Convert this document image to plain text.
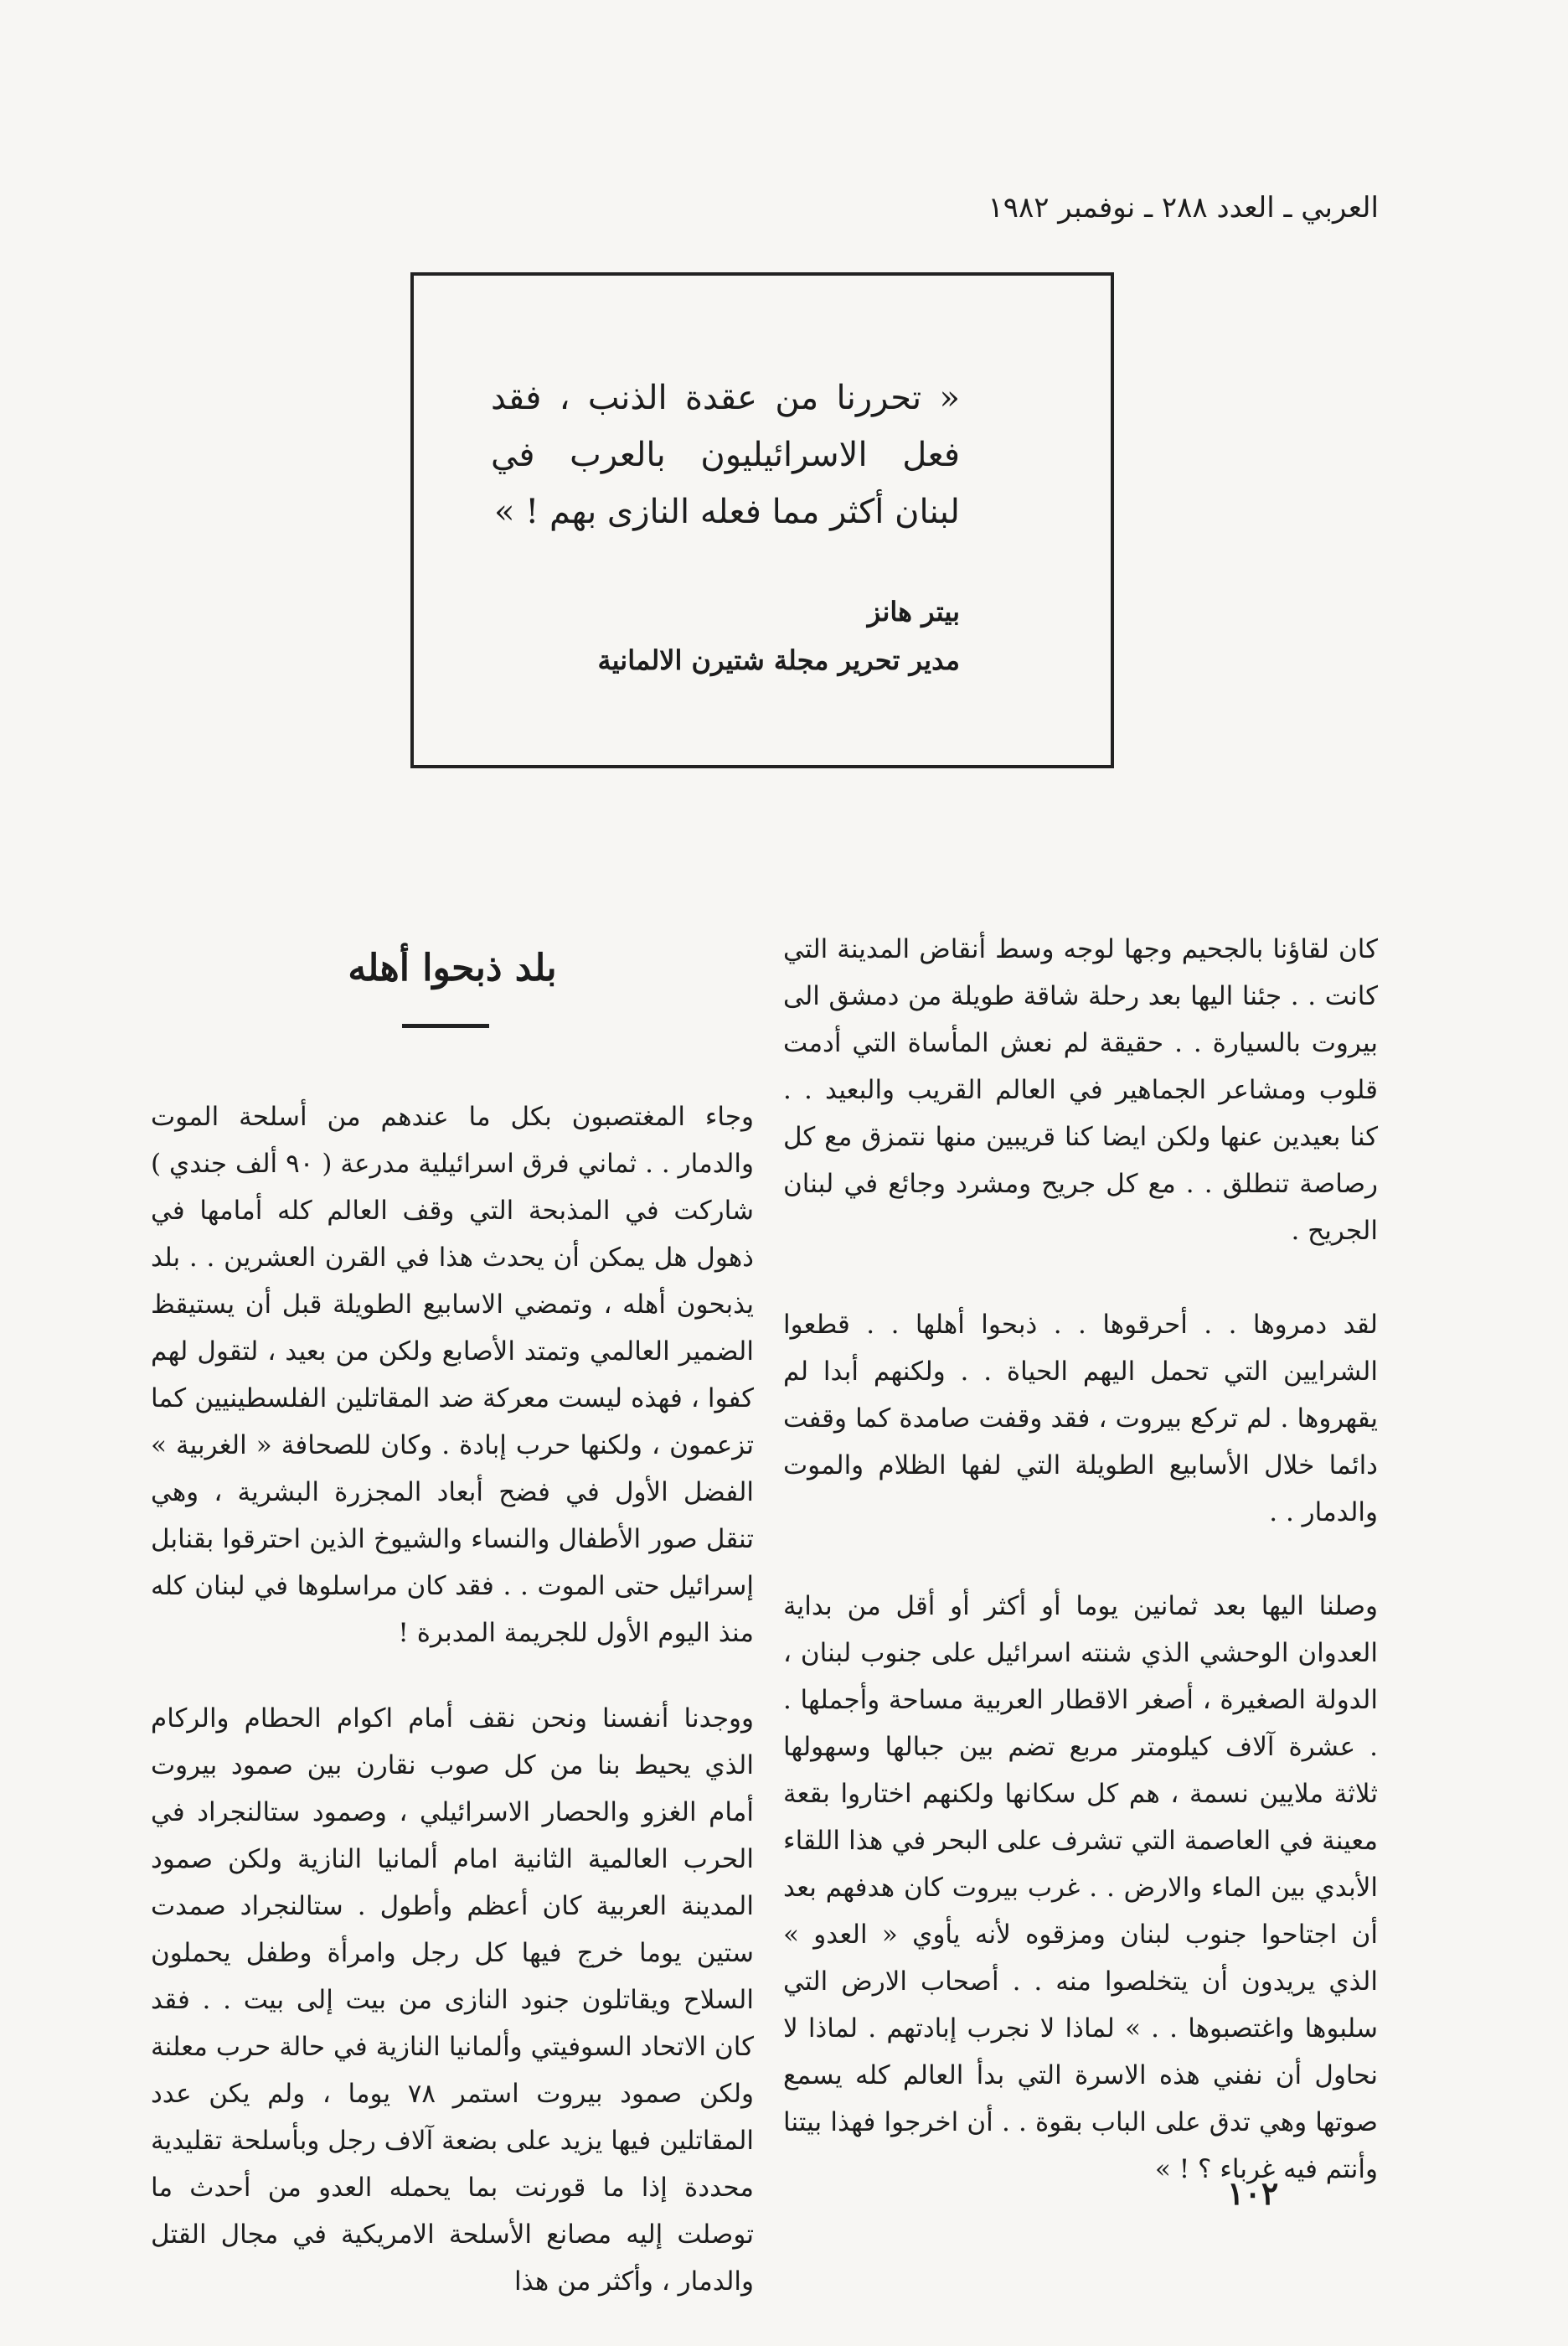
العربي ـ العدد ٢٨٨ ـ نوفمبر ١٩٨٢
« تحررنا من عقدة الذنب ، فقد فعل الاسرائيليون بالعرب في لبنان أكثر مما فعله النازى بهم ! »
بيتر هانز
مدير تحرير مجلة شتيرن الالمانية

كان لقاؤنا بالجحيم وجها لوجه وسط أنقاض المدينة التي كانت . . جئنا اليها بعد رحلة شاقة طويلة من دمشق الى بيروت بالسيارة . . حقيقة لم نعش المأساة التي أدمت قلوب ومشاعر الجماهير في العالم القريب والبعيد . . كنا بعيدين عنها ولكن ايضا كنا قريبين منها نتمزق مع كل رصاصة تنطلق . . مع كل جريح ومشرد وجائع في لبنان الجريح .

لقد دمروها . . أحرقوها . . ذبحوا أهلها . . قطعوا الشرايين التي تحمل اليهم الحياة . . ولكنهم أبدا لم يقهروها . لم تركع بيروت ، فقد وقفت صامدة كما وقفت دائما خلال الأسابيع الطويلة التي لفها الظلام والموت والدمار . .

وصلنا اليها بعد ثمانين يوما أو أكثر أو أقل من بداية العدوان الوحشي الذي شنته اسرائيل على جنوب لبنان ، الدولة الصغيرة ، أصغر الاقطار العربية مساحة وأجملها . . عشرة آلاف كيلومتر مربع تضم بين جبالها وسهولها ثلاثة ملايين نسمة ، هم كل سكانها ولكنهم اختاروا بقعة معينة في العاصمة التي تشرف على البحر في هذا اللقاء الأبدي بين الماء والارض . . غرب بيروت كان هدفهم بعد أن اجتاحوا جنوب لبنان ومزقوه لأنه يأوي « العدو » الذي يريدون أن يتخلصوا منه . . أصحاب الارض التي سلبوها واغتصبوها . . » لماذا لا نجرب إبادتهم . لماذا لا نحاول أن نفني هذه الاسرة التي بدأ العالم كله يسمع صوتها وهي تدق على الباب بقوة . . أن اخرجوا فهذا بيتنا وأنتم فيه غرباء ؟ ! »

بلد ذبحوا أهله

وجاء المغتصبون بكل ما عندهم من أسلحة الموت والدمار . . ثماني فرق اسرائيلية مدرعة ( ٩٠ ألف جندي ) شاركت في المذبحة التي وقف العالم كله أمامها في ذهول هل يمكن أن يحدث هذا في القرن العشرين . . بلد يذبحون أهله ، وتمضي الاسابيع الطويلة قبل أن يستيقظ الضمير العالمي وتمتد الأصابع ولكن من بعيد ، لتقول لهم كفوا ، فهذه ليست معركة ضد المقاتلين الفلسطينيين كما تزعمون ، ولكنها حرب إبادة . وكان للصحافة « الغربية » الفضل الأول في فضح أبعاد المجزرة البشرية ، وهي تنقل صور الأطفال والنساء والشيوخ الذين احترقوا بقنابل إسرائيل حتى الموت . . فقد كان مراسلوها في لبنان كله منذ اليوم الأول للجريمة المدبرة !

ووجدنا أنفسنا ونحن نقف أمام اكوام الحطام والركام الذي يحيط بنا من كل صوب نقارن بين صمود بيروت أمام الغزو والحصار الاسرائيلي ، وصمود ستالنجراد في الحرب العالمية الثانية امام ألمانيا النازية ولكن صمود المدينة العربية كان أعظم وأطول . ستالنجراد صمدت ستين يوما خرج فيها كل رجل وامرأة وطفل يحملون السلاح ويقاتلون جنود النازى من بيت إلى بيت . . فقد كان الاتحاد السوفيتي وألمانيا النازية في حالة حرب معلنة ولكن صمود بيروت استمر ٧٨ يوما ، ولم يكن عدد المقاتلين فيها يزيد على بضعة آلاف رجل وبأسلحة تقليدية محددة إذا ما قورنت بما يحمله العدو من أحدث ما توصلت إليه مصانع الأسلحة الامريكية في مجال القتل والدمار ، وأكثر من هذا

١٠٢
